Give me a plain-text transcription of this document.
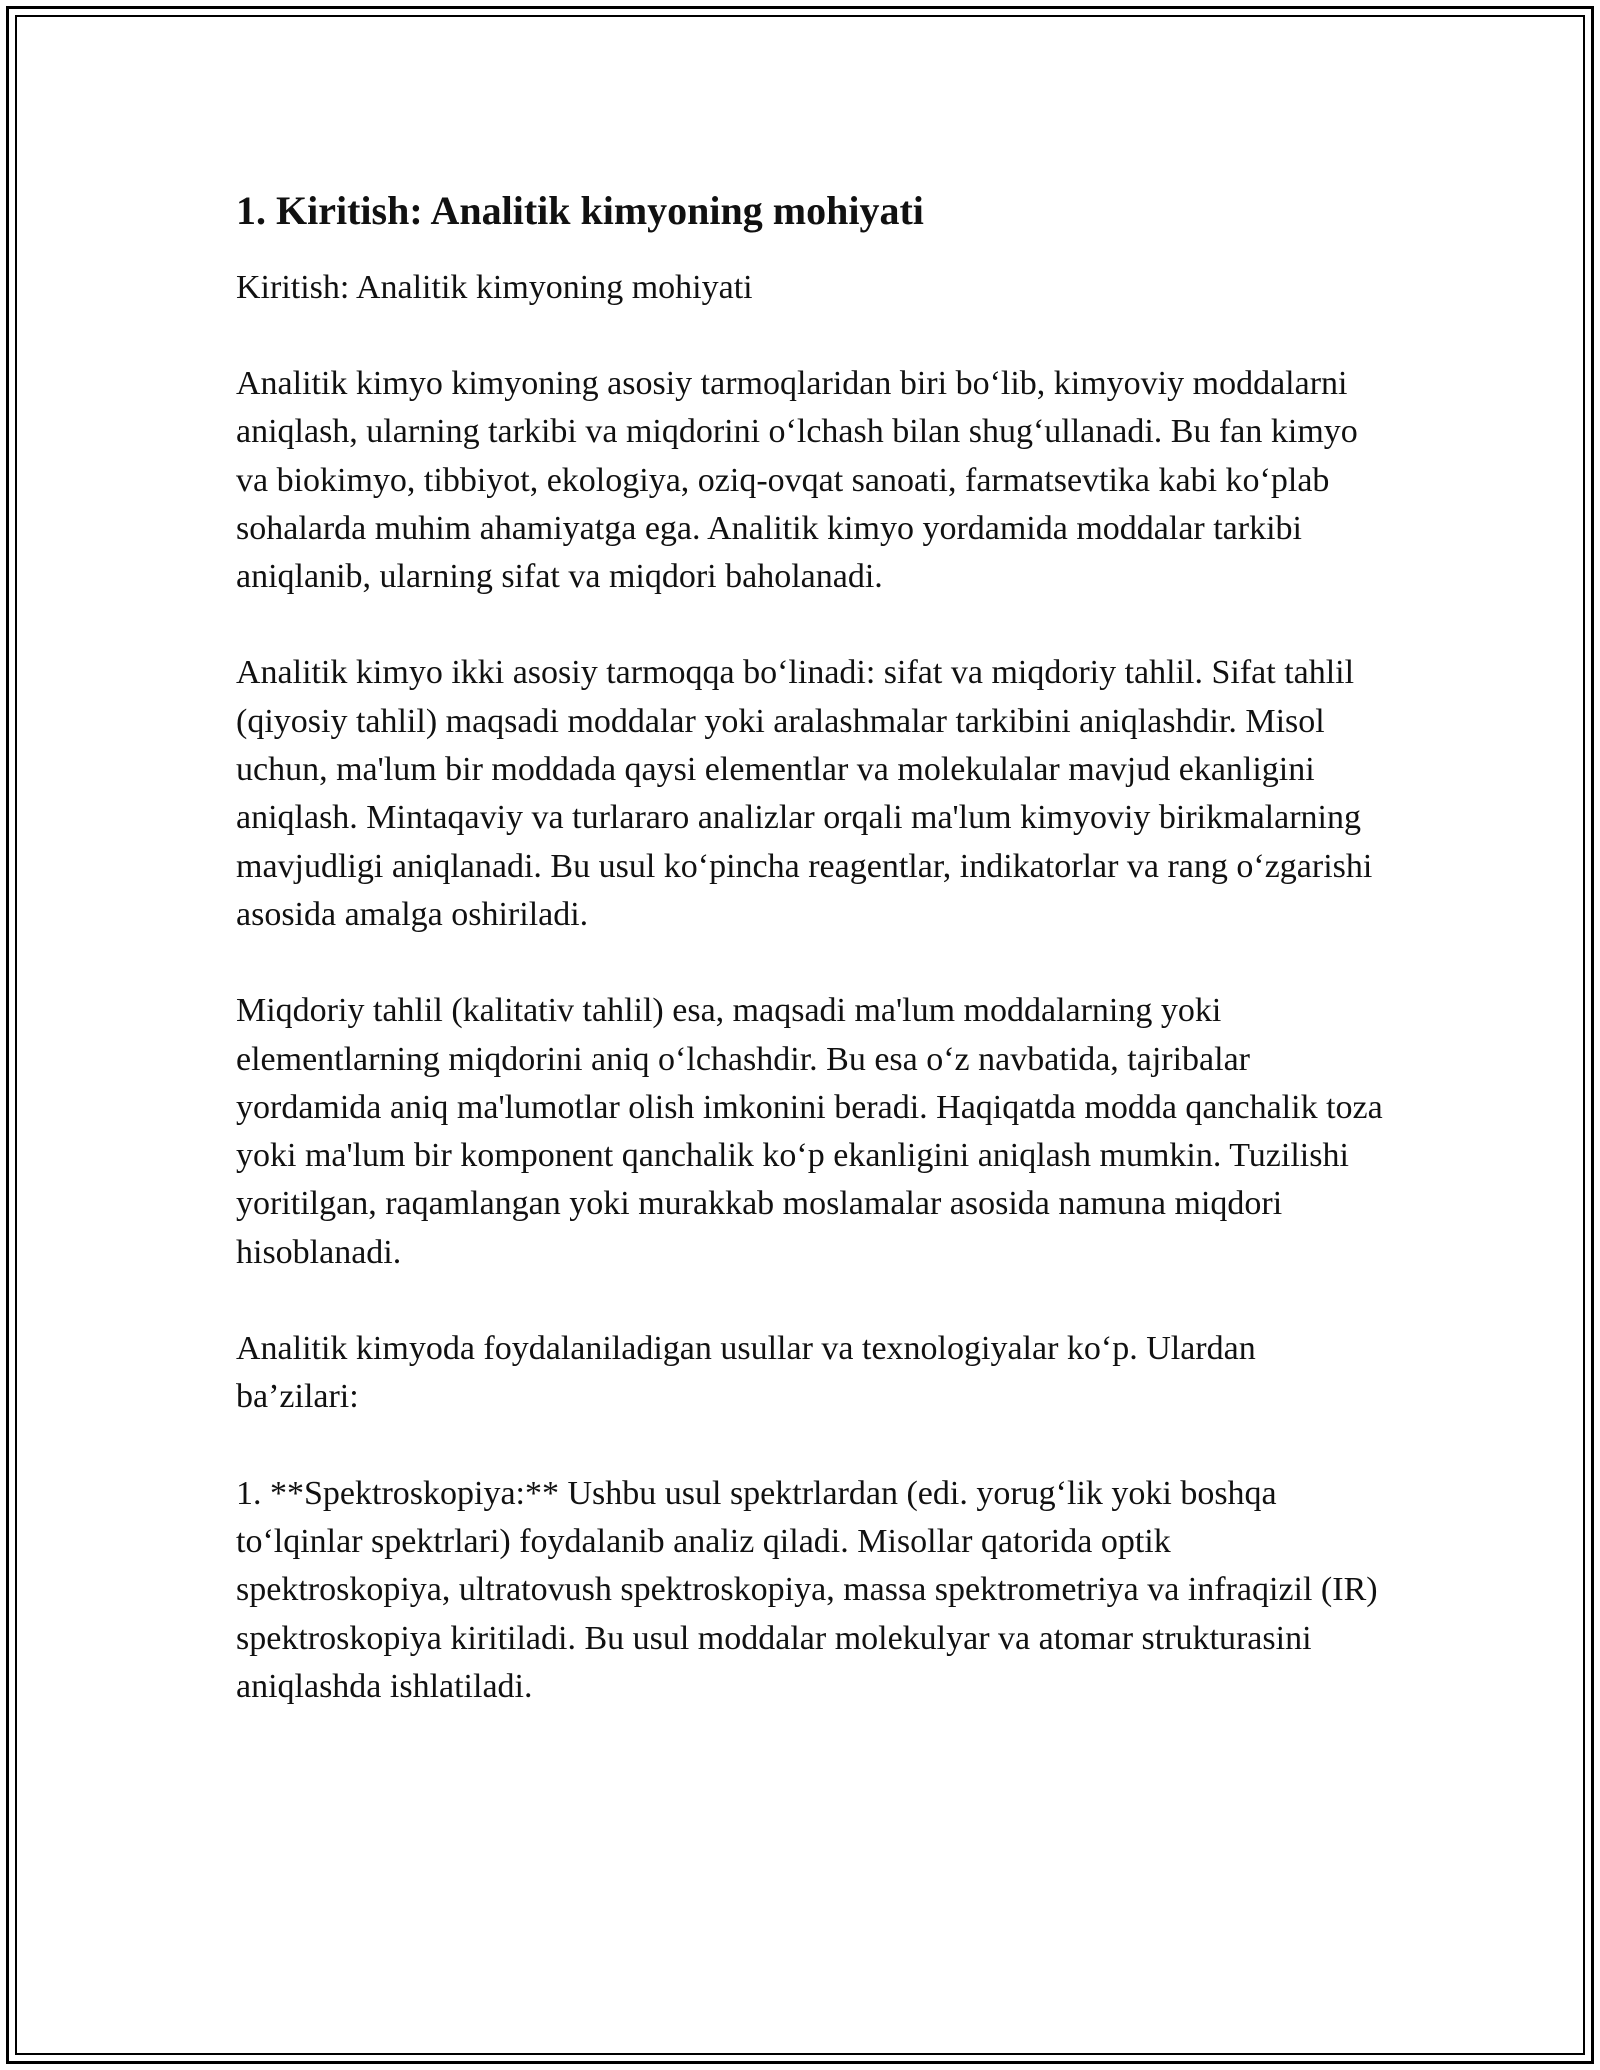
1. Kiritish: Analitik kimyoning mohiyati

Kiritish: Analitik kimyoning mohiyati

Analitik kimyo kimyoning asosiy tarmoqlaridan biri bo‘lib, kimyoviy moddalarni aniqlash, ularning tarkibi va miqdorini o‘lchash bilan shug‘ullanadi. Bu fan kimyo va biokimyo, tibbiyot, ekologiya, oziq-ovqat sanoati, farmatsevtika kabi ko‘plab sohalarda muhim ahamiyatga ega. Analitik kimyo yordamida moddalar tarkibi aniqlanib, ularning sifat va miqdori baholanadi.

Analitik kimyo ikki asosiy tarmoqqa bo‘linadi: sifat va miqdoriy tahlil. Sifat tahlil (qiyosiy tahlil) maqsadi moddalar yoki aralashmalar tarkibini aniqlashdir. Misol uchun, ma'lum bir moddada qaysi elementlar va molekulalar mavjud ekanligini aniqlash. Mintaqaviy va turlararo analizlar orqali ma'lum kimyoviy birikmalarning mavjudligi aniqlanadi. Bu usul ko‘pincha reagentlar, indikatorlar va rang o‘zgarishi asosida amalga oshiriladi.

Miqdoriy tahlil (kalitativ tahlil) esa, maqsadi ma'lum moddalarning yoki elementlarning miqdorini aniq o‘lchashdir. Bu esa o‘z navbatida, tajribalar yordamida aniq ma'lumotlar olish imkonini beradi. Haqiqatda modda qanchalik toza yoki ma'lum bir komponent qanchalik ko‘p ekanligini aniqlash mumkin. Tuzilishi yoritilgan, raqamlangan yoki murakkab moslamalar asosida namuna miqdori hisoblanadi.

Analitik kimyoda foydalaniladigan usullar va texnologiyalar ko‘p. Ulardan ba’zilari:

1. **Spektroskopiya:** Ushbu usul spektrlardan (edi. yorug‘lik yoki boshqa to‘lqinlar spektrlari) foydalanib analiz qiladi. Misollar qatorida optik spektroskopiya, ultratovush spektroskopiya, massa spektrometriya va infraqizil (IR) spektroskopiya kiritiladi. Bu usul moddalar molekulyar va atomar strukturasini aniqlashda ishlatiladi.
